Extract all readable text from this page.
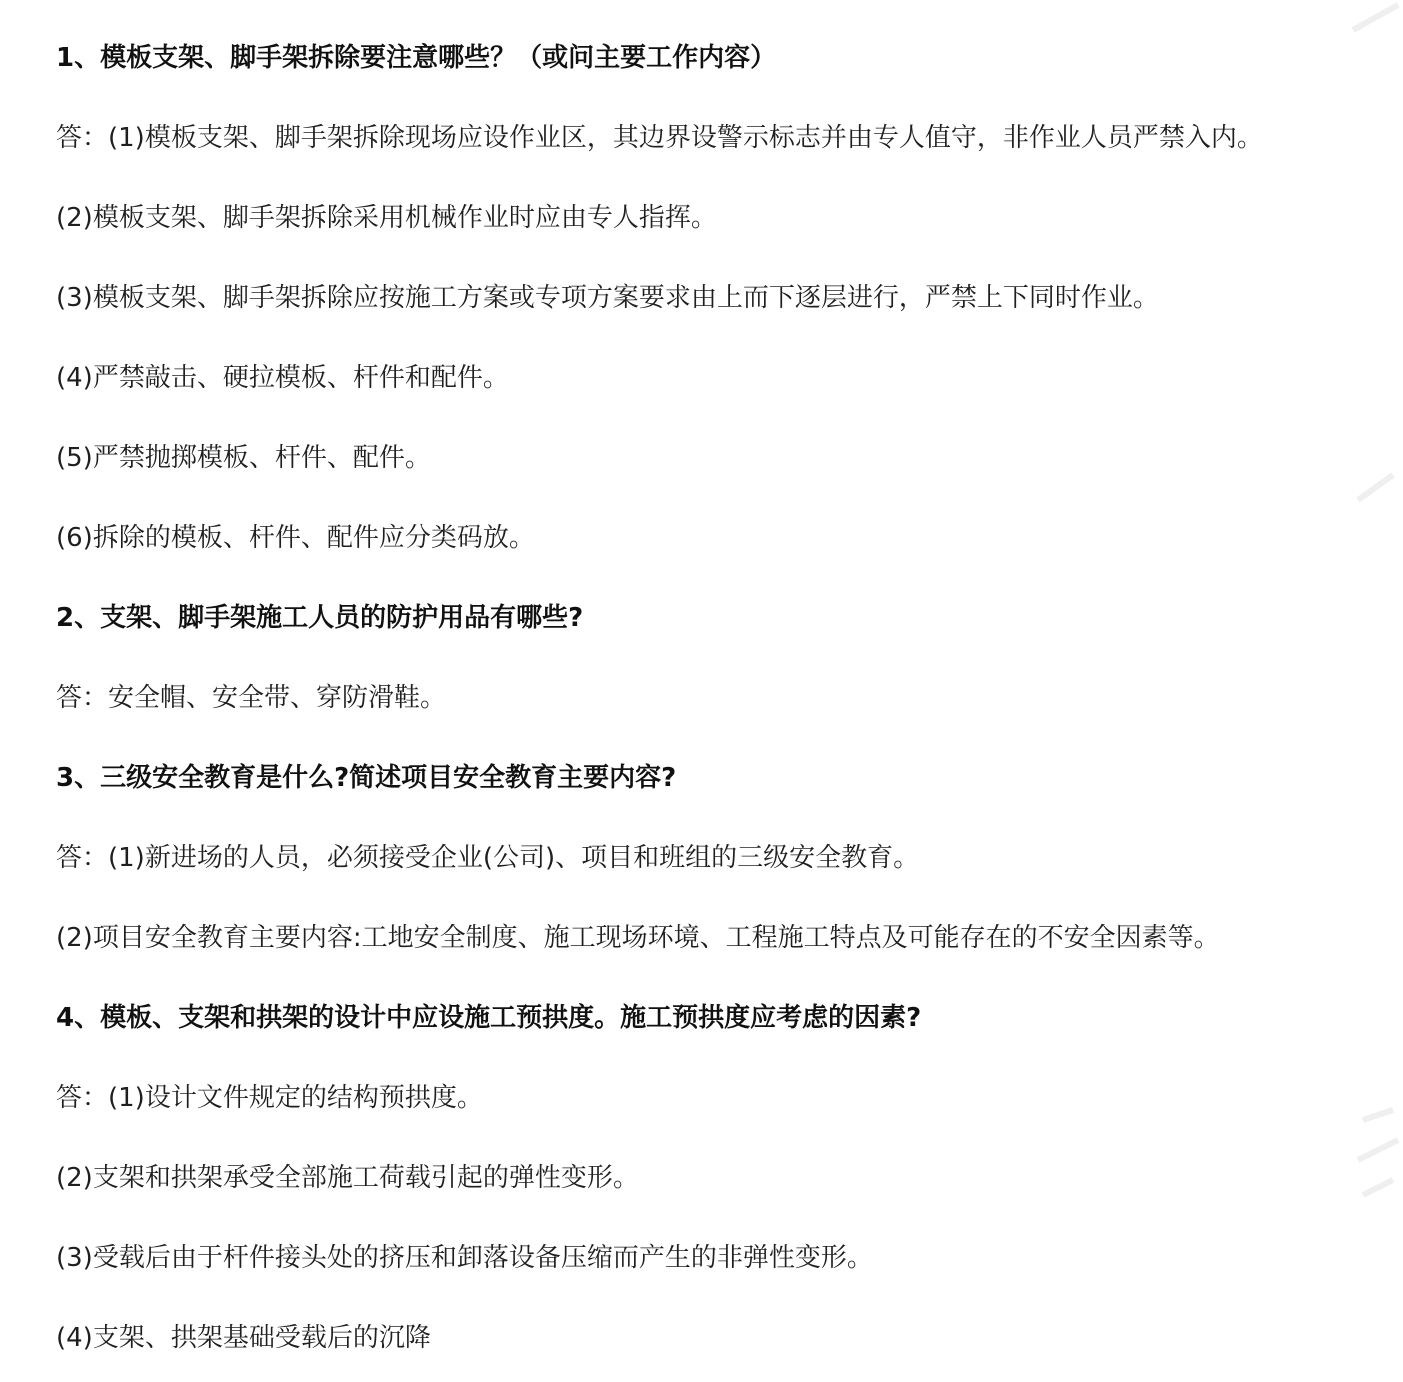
1、模板支架、脚手架拆除要注意哪些？（或问主要工作内容）
答：(1)模板支架、脚手架拆除现场应设作业区，其边界设警示标志并由专人值守，非作业人员严禁入内。
(2)模板支架、脚手架拆除采用机械作业时应由专人指挥。
(3)模板支架、脚手架拆除应按施工方案或专项方案要求由上而下逐层进行，严禁上下同时作业。
(4)严禁敲击、硬拉模板、杆件和配件。
(5)严禁抛掷模板、杆件、配件。
(6)拆除的模板、杆件、配件应分类码放。
2、支架、脚手架施工人员的防护用品有哪些?
答：安全帽、安全带、穿防滑鞋。
3、三级安全教育是什么?简述项目安全教育主要内容?
答：(1)新进场的人员，必须接受企业(公司)、项目和班组的三级安全教育。
(2)项目安全教育主要内容:工地安全制度、施工现场环境、工程施工特点及可能存在的不安全因素等。
4、模板、支架和拱架的设计中应设施工预拱度。施工预拱度应考虑的因素?
答：(1)设计文件规定的结构预拱度。
(2)支架和拱架承受全部施工荷载引起的弹性变形。
(3)受载后由于杆件接头处的挤压和卸落设备压缩而产生的非弹性变形。
(4)支架、拱架基础受载后的沉降
